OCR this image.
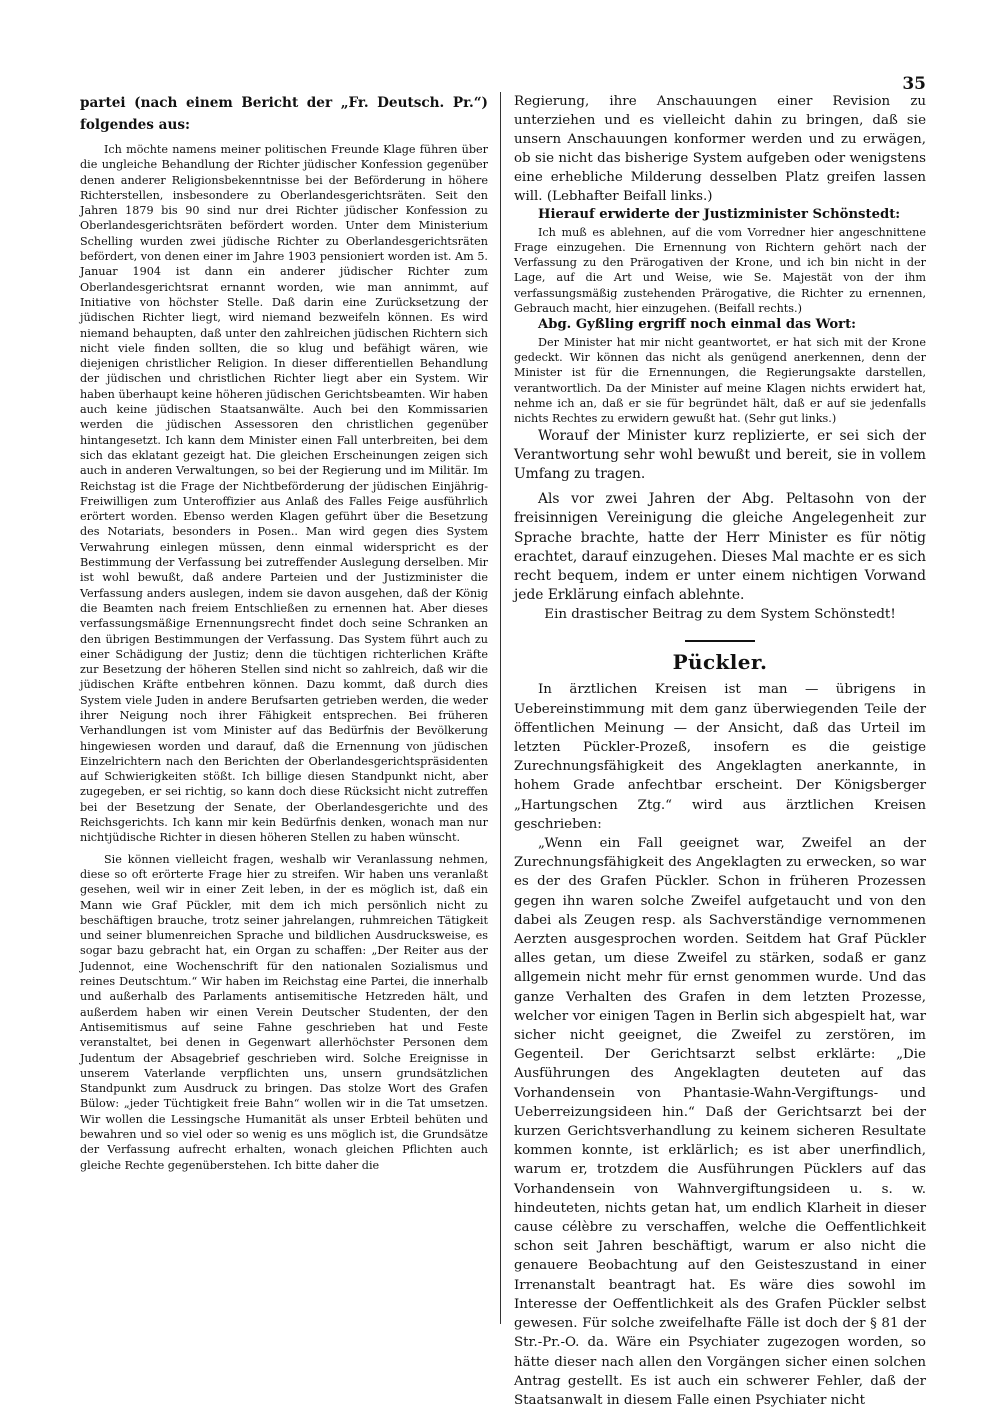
35

partei (nach einem Bericht der „Fr. Deutsch. Pr.“) folgendes aus:

Ich möchte namens meiner politischen Freunde Klage führen über die ungleiche Behandlung der Richter jüdischer Konfession gegenüber denen anderer Religionsbekenntnisse bei der Beförderung in höhere Richterstellen, insbesondere zu Oberlandesgerichtsräten. Seit den Jahren 1879 bis 90 sind nur drei Richter jüdischer Konfession zu Oberlandesgerichtsräten befördert worden. Unter dem Ministerium Schelling wurden zwei jüdische Richter zu Oberlandesgerichtsräten befördert, von denen einer im Jahre 1903 pensioniert worden ist. Am 5. Januar 1904 ist dann ein anderer jüdischer Richter zum Oberlandesgerichtsrat ernannt worden, wie man annimmt, auf Initiative von höchster Stelle. Daß darin eine Zurücksetzung der jüdischen Richter liegt, wird niemand bezweifeln können. Es wird niemand behaupten, daß unter den zahlreichen jüdischen Richtern sich nicht viele finden sollten, die so klug und befähigt wären, wie diejenigen christlicher Religion. In dieser differentiellen Behandlung der jüdischen und christlichen Richter liegt aber ein System. Wir haben überhaupt keine höheren jüdischen Gerichtsbeamten. Wir haben auch keine jüdischen Staatsanwälte. Auch bei den Kommissarien werden die jüdischen Assessoren den christlichen gegenüber hintangesetzt. Ich kann dem Minister einen Fall unterbreiten, bei dem sich das eklatant gezeigt hat. Die gleichen Erscheinungen zeigen sich auch in anderen Verwaltungen, so bei der Regierung und im Militär. Im Reichstag ist die Frage der Nichtbeförderung der jüdischen Einjährig-Freiwilligen zum Unteroffizier aus Anlaß des Falles Feige ausführlich erörtert worden. Ebenso werden Klagen geführt über die Besetzung des Notariats, besonders in Posen.. Man wird gegen dies System Verwahrung einlegen müssen, denn einmal widerspricht es der Bestimmung der Verfassung bei zutreffender Auslegung derselben. Mir ist wohl bewußt, daß andere Parteien und der Justizminister die Verfassung anders auslegen, indem sie davon ausgehen, daß der König die Beamten nach freiem Entschließen zu ernennen hat. Aber dieses verfassungsmäßige Ernennungsrecht findet doch seine Schranken an den übrigen Bestimmungen der Verfassung. Das System führt auch zu einer Schädigung der Justiz; denn die tüchtigen richterlichen Kräfte zur Besetzung der höheren Stellen sind nicht so zahlreich, daß wir die jüdischen Kräfte entbehren können. Dazu kommt, daß durch dies System viele Juden in andere Berufsarten getrieben werden, die weder ihrer Neigung noch ihrer Fähigkeit entsprechen. Bei früheren Verhandlungen ist vom Minister auf das Bedürfnis der Bevölkerung hingewiesen worden und darauf, daß die Ernennung von jüdischen Einzelrichtern nach den Berichten der Oberlandesgerichtspräsidenten auf Schwierigkeiten stößt. Ich billige diesen Standpunkt nicht, aber zugegeben, er sei richtig, so kann doch diese Rücksicht nicht zutreffen bei der Besetzung der Senate, der Oberlandesgerichte und des Reichsgerichts. Ich kann mir kein Bedürfnis denken, wonach man nur nichtjüdische Richter in diesen höheren Stellen zu haben wünscht.

Sie können vielleicht fragen, weshalb wir Veranlassung nehmen, diese so oft erörterte Frage hier zu streifen. Wir haben uns veranlaßt gesehen, weil wir in einer Zeit leben, in der es möglich ist, daß ein Mann wie Graf Pückler, mit dem ich mich persönlich nicht zu beschäftigen brauche, trotz seiner jahrelangen, ruhmreichen Tätigkeit und seiner blumenreichen Sprache und bildlichen Ausdrucksweise, es sogar bazu gebracht hat, ein Organ zu schaffen: „Der Reiter aus der Judennot, eine Wochenschrift für den nationalen Sozialismus und reines Deutschtum.“ Wir haben im Reichstag eine Partei, die innerhalb und außerhalb des Parlaments antisemitische Hetzreden hält, und außerdem haben wir einen Verein Deutscher Studenten, der den Antisemitismus auf seine Fahne geschrieben hat und Feste veranstaltet, bei denen in Gegenwart allerhöchster Personen dem Judentum der Absagebrief geschrieben wird. Solche Ereignisse in unserem Vaterlande verpflichten uns, unsern grundsätzlichen Standpunkt zum Ausdruck zu bringen. Das stolze Wort des Grafen Bülow: „jeder Tüchtigkeit freie Bahn“ wollen wir in die Tat umsetzen. Wir wollen die Lessingsche Humanität als unser Erbteil behüten und bewahren und so viel oder so wenig es uns möglich ist, die Grundsätze der Verfassung aufrecht erhalten, wonach gleichen Pflichten auch gleiche Rechte gegenüberstehen. Ich bitte daher die

Regierung, ihre Anschauungen einer Revision zu unterziehen und es vielleicht dahin zu bringen, daß sie unsern Anschauungen konformer werden und zu erwägen, ob sie nicht das bisherige System aufgeben oder wenigstens eine erhebliche Milderung desselben Platz greifen lassen will. (Lebhafter Beifall links.)

Hierauf erwiderte der Justizminister Schönstedt:

Ich muß es ablehnen, auf die vom Vorredner hier angeschnittene Frage einzugehen. Die Ernennung von Richtern gehört nach der Verfassung zu den Prärogativen der Krone, und ich bin nicht in der Lage, auf die Art und Weise, wie Se. Majestät von der ihm verfassungsmäßig zustehenden Prärogative, die Richter zu ernennen, Gebrauch macht, hier einzugehen. (Beifall rechts.)

Abg. Gyßling ergriff noch einmal das Wort:

Der Minister hat mir nicht geantwortet, er hat sich mit der Krone gedeckt. Wir können das nicht als genügend anerkennen, denn der Minister ist für die Ernennungen, die Regierungsakte darstellen, verantwortlich. Da der Minister auf meine Klagen nichts erwidert hat, nehme ich an, daß er sie für begründet hält, daß er auf sie jedenfalls nichts Rechtes zu erwidern gewußt hat. (Sehr gut links.)

Worauf der Minister kurz replizierte, er sei sich der Verantwortung sehr wohl bewußt und bereit, sie in vollem Umfang zu tragen.

Als vor zwei Jahren der Abg. Peltasohn von der freisinnigen Vereinigung die gleiche Angelegenheit zur Sprache brachte, hatte der Herr Minister es für nötig erachtet, darauf einzugehen. Dieses Mal machte er es sich recht bequem, indem er unter einem nichtigen Vorwand jede Erklärung einfach ablehnte.

Ein drastischer Beitrag zu dem System Schönstedt!

Pückler.

In ärztlichen Kreisen ist man — übrigens in Uebereinstimmung mit dem ganz überwiegenden Teile der öffentlichen Meinung — der Ansicht, daß das Urteil im letzten Pückler-Prozeß, insofern es die geistige Zurechnungsfähigkeit des Angeklagten anerkannte, in hohem Grade anfechtbar erscheint. Der Königsberger „Hartungschen Ztg.“ wird aus ärztlichen Kreisen geschrieben:

„Wenn ein Fall geeignet war, Zweifel an der Zurechnungsfähigkeit des Angeklagten zu erwecken, so war es der des Grafen Pückler. Schon in früheren Prozessen gegen ihn waren solche Zweifel aufgetaucht und von den dabei als Zeugen resp. als Sachverständige vernommenen Aerzten ausgesprochen worden. Seitdem hat Graf Pückler alles getan, um diese Zweifel zu stärken, sodaß er ganz allgemein nicht mehr für ernst genommen wurde. Und das ganze Verhalten des Grafen in dem letzten Prozesse, welcher vor einigen Tagen in Berlin sich abgespielt hat, war sicher nicht geeignet, die Zweifel zu zerstören, im Gegenteil. Der Gerichtsarzt selbst erklärte: „Die Ausführungen des Angeklagten deuteten auf das Vorhandensein von Phantasie-Wahn-Vergiftungs- und Ueberreizungsideen hin.“ Daß der Gerichtsarzt bei der kurzen Gerichtsverhandlung zu keinem sicheren Resultate kommen konnte, ist erklärlich; es ist aber unerfindlich, warum er, trotzdem die Ausführungen Pücklers auf das Vorhandensein von Wahnvergiftungsideen u. s. w. hindeuteten, nichts getan hat, um endlich Klarheit in dieser cause célèbre zu verschaffen, welche die Oeffentlichkeit schon seit Jahren beschäftigt, warum er also nicht die genauere Beobachtung auf den Geisteszustand in einer Irrenanstalt beantragt hat. Es wäre dies sowohl im Interesse der Oeffentlichkeit als des Grafen Pückler selbst gewesen. Für solche zweifelhafte Fälle ist doch der § 81 der Str.-Pr.-O. da. Wäre ein Psychiater zugezogen worden, so hätte dieser nach allen den Vorgängen sicher einen solchen Antrag gestellt. Es ist auch ein schwerer Fehler, daß der Staatsanwalt in diesem Falle einen Psychiater nicht
